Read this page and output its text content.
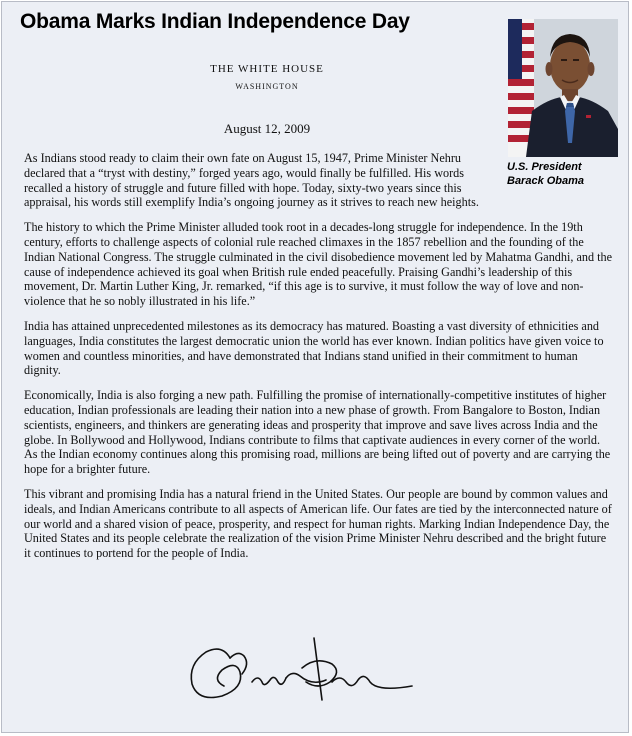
Obama Marks Indian Independence Day
U.S. President
Barack Obama
THE WHITE HOUSE
WASHINGTON
August 12, 2009

As Indians stood ready to claim their own fate on August 15, 1947, Prime Minister Nehru declared that a “tryst with destiny,” forged years ago, would finally be fulfilled. His words recalled a history of struggle and future filled with hope. Today, sixty-two years since this appraisal, his words still exemplify India’s ongoing journey as it strives to reach new heights.

The history to which the Prime Minister alluded took root in a decades-long struggle for independence. In the 19th century, efforts to challenge aspects of colonial rule reached climaxes in the 1857 rebellion and the founding of the Indian National Congress. The struggle culminated in the civil disobedience movement led by Mahatma Gandhi, and the cause of independence achieved its goal when British rule ended peacefully. Praising Gandhi’s leadership of this movement, Dr. Martin Luther King, Jr. remarked, “if this age is to survive, it must follow the way of love and non-violence that he so nobly illustrated in his life.”

India has attained unprecedented milestones as its democracy has matured. Boasting a vast diversity of ethnicities and languages, India constitutes the largest democratic union the world has ever known. Indian politics have given voice to women and countless minorities, and have demonstrated that Indians stand unified in their commitment to human dignity.

Economically, India is also forging a new path. Fulfilling the promise of internationally-competitive institutes of higher education, Indian professionals are leading their nation into a new phase of growth. From Bangalore to Boston, Indian scientists, engineers, and thinkers are generating ideas and prosperity that improve and save lives across India and the globe. In Bollywood and Hollywood, Indians contribute to films that captivate audiences in every corner of the world. As the Indian economy continues along this promising road, millions are being lifted out of poverty and are carrying the hope for a brighter future.

This vibrant and promising India has a natural friend in the United States. Our people are bound by common values and ideals, and Indian Americans contribute to all aspects of American life. Our fates are tied by the interconnected nature of our world and a shared vision of peace, prosperity, and respect for human rights. Marking Indian Independence Day, the United States and its people celebrate the realization of the vision Prime Minister Nehru described and the bright future it continues to portend for the people of India.
